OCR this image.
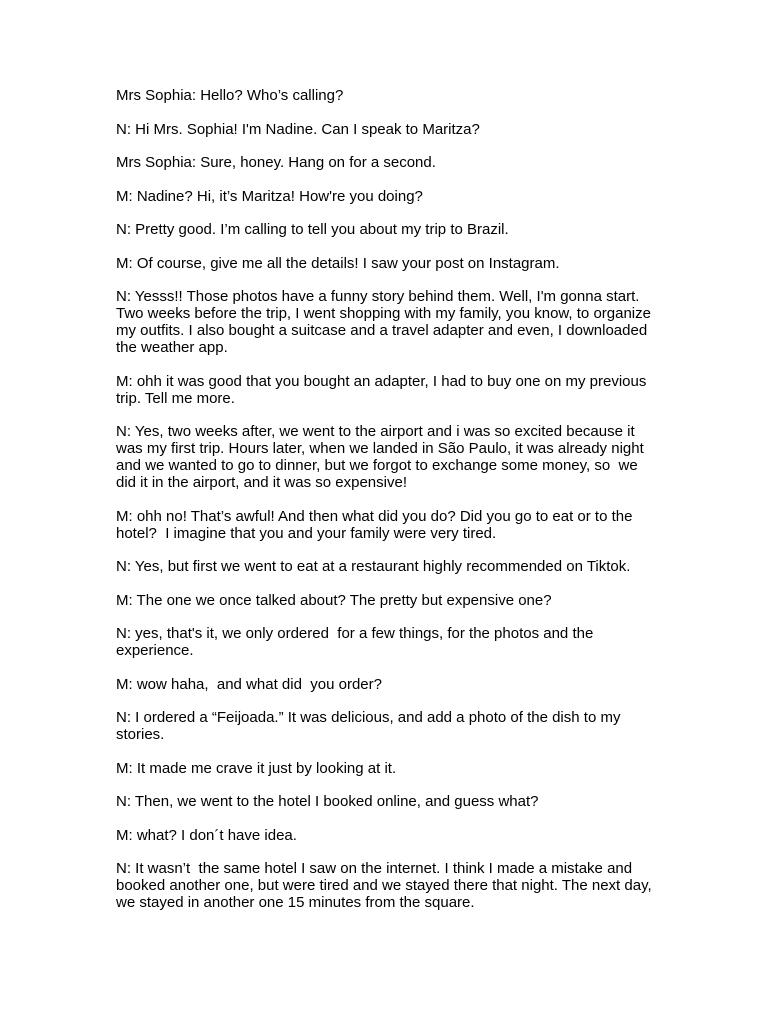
Mrs Sophia: Hello? Who’s calling?

N: Hi Mrs. Sophia! I'm Nadine. Can I speak to Maritza?

Mrs Sophia: Sure, honey. Hang on for a second.

M: Nadine? Hi, it’s Maritza! How're you doing?

N: Pretty good. I’m calling to tell you about my trip to Brazil.

M: Of course, give me all the details! I saw your post on Instagram.

N: Yesss!! Those photos have a funny story behind them. Well, I'm gonna start. Two weeks before the trip, I went shopping with my family, you know, to organize my outfits. I also bought a suitcase and a travel adapter and even, I downloaded  the weather app.

M: ohh it was good that you bought an adapter, I had to buy one on my previous trip. Tell me more.

N: Yes, two weeks after, we went to the airport and i was so excited because it was my first trip. Hours later, when we landed in São Paulo, it was already night and we wanted to go to dinner, but we forgot to exchange some money, so  we did it in the airport, and it was so expensive!

M: ohh no! That’s awful! And then what did you do? Did you go to eat or to the hotel?  I imagine that you and your family were very tired.

N: Yes, but first we went to eat at a restaurant highly recommended on Tiktok.

M: The one we once talked about? The pretty but expensive one?

N: yes, that's it, we only ordered  for a few things, for the photos and the experience.

M: wow haha,  and what did  you order?

N: I ordered a “Feijoada.” It was delicious, and add a photo of the dish to my stories.

M: It made me crave it just by looking at it.

N: Then, we went to the hotel I booked online, and guess what?

M: what? I don´t have idea.

N: It wasn’t  the same hotel I saw on the internet. I think I made a mistake and booked another one, but were tired and we stayed there that night. The next day, we stayed in another one 15 minutes from the square.
